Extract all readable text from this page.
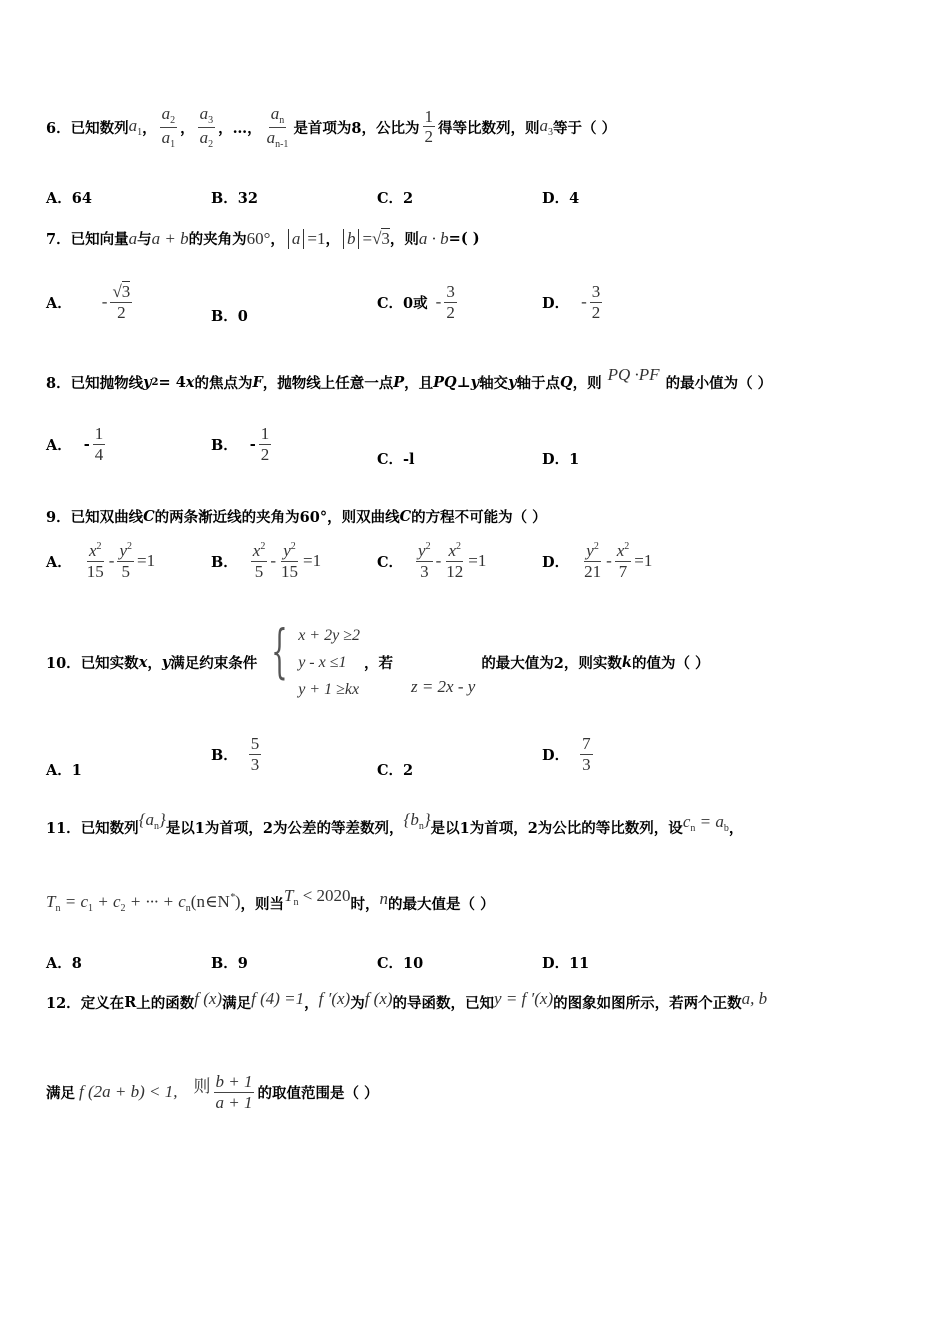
6． 已知数列 $a_1$ ， $\frac{a_2}{a_1}$ ， $\frac{a_3}{a_2}$ ，…， $\frac{a_n}{a_{n-1}}$ 是首项为8，公比为 $\frac{1}{2}$ 得等比数列，则 $a_3$ 等于（ ）
A．64	B．32	C．2	D．4
7． 已知向量 a 与 a + b 的夹角为 60° ， a =1 ， b = √3 ，则 a · b =( )
A． - $\frac{√3}{2}$	B．0
C．0或 - $\frac{3}{2}$	D． - $\frac{3}{2}$
8． 已知抛物线 y 2 = 4 x 的焦点为 F ，抛物线上任意一点 P ，且 PQ ⊥ y 轴交 y 轴于点 Q ，则 PQ ·PF 的最小值为（ ）
A． - $\frac{1}{4}$	B． - $\frac{1}{2}$	C．-l	D．1
9． 已知双曲线 C 的两条渐近线的夹角为60°，则双曲线 C 的方程不可能为（ ）
A． $\frac{x^2}{15} - \frac{y^2}{5} =1$	B． $\frac{x^2}{5} - \frac{y^2}{15} =1$	C． $\frac{y^2}{3} - \frac{x^2}{12} =1$	D． $\frac{y^2}{21} - \frac{x^2}{7} =1$
10． 已知实数 x ， y 满足约束条件 { x + 2y ≥2
y - x ≤1
y + 1 ≥kx
，若
z = 2x - y
的最大值为2，则实数 k 的值为（ ）
A．1
B． $\frac{5}{3}$	C．2
D． $\frac{7}{3}$
11． 已知数列 $\{a_n\}$ 是以1为首项，2为公差的等差数列， $\{b_n\}$ 是以1为首项，2为公比的等比数列，设 $c_n = a_b$ ，
$T_n = c_1 + c_2$ + ··· + $c_n(n\in N^*)$ ，则当 $T_n < 2020$ 时， n 的最大值是（ ）
A．8	B．9	C．10	D．11
12． 定义在 R 上的函数 f (x) 满足 f (4) =1 ， f ′(x) 为 f (x) 的导函数，已知 y = f ′(x) 的图象如图所示，若两个正数 a, b
满足 f (2a + b) < 1, 则 $\frac{b + 1}{a + 1}$ 的取值范围是（ ）
